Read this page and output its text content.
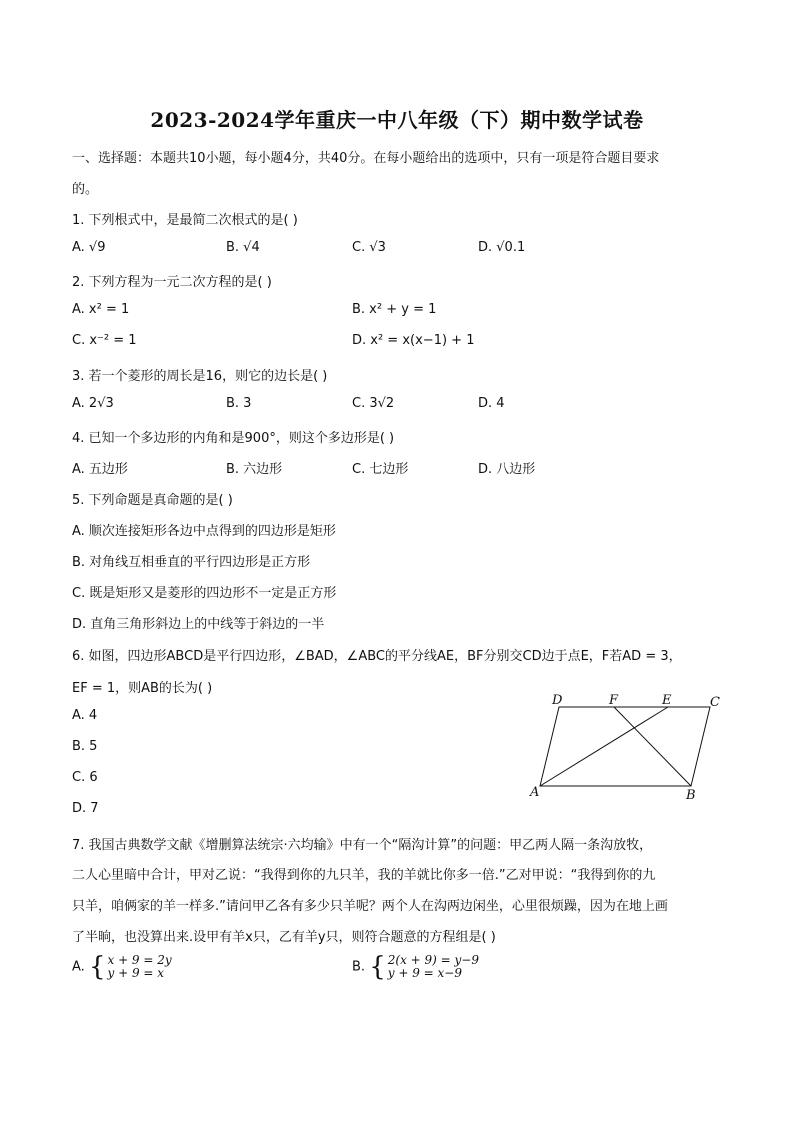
2023-2024学年重庆一中八年级（下）期中数学试卷
一、选择题：本题共10小题，每小题4分，共40分。在每小题给出的选项中，只有一项是符合题目要求
的。
1. 下列根式中，是最简二次根式的是( )
A. √9	B. √4	C. √3	D. √0.1
2. 下列方程为一元二次方程的是( )
A. x² = 1	B. x² + y = 1
C. x⁻² = 1	D. x² = x(x−1) + 1
3. 若一个菱形的周长是16，则它的边长是( )
A. 2√3	B. 3	C. 3√2	D. 4
4. 已知一个多边形的内角和是900°，则这个多边形是( )
A. 五边形	B. 六边形	C. 七边形	D. 八边形
5. 下列命题是真命题的是( )
A. 顺次连接矩形各边中点得到的四边形是矩形
B. 对角线互相垂直的平行四边形是正方形
C. 既是矩形又是菱形的四边形不一定是正方形
D. 直角三角形斜边上的中线等于斜边的一半
6. 如图，四边形ABCD是平行四边形，∠BAD，∠ABC的平分线AE，BF分别交CD边于点E，F若AD = 3，
EF = 1，则AB的长为( )
A. 4
B. 5
C. 6
D. 7
D	F	E	C
A	B
7. 我国古典数学文献《增删算法统宗·六均输》中有一个“隔沟计算”的问题：甲乙两人隔一条沟放牧，
二人心里暗中合计，甲对乙说：“我得到你的九只羊，我的羊就比你多一倍.”乙对甲说：“我得到你的九
只羊，咱俩家的羊一样多.”请问甲乙各有多少只羊呢？两个人在沟两边闲坐，心里很烦躁，因为在地上画
了半晌，也没算出来.设甲有羊x只，乙有羊y只，则符合题意的方程组是( )
A. { x + 9 = 2y
y + 9 = x	B. { 2(x + 9) = y−9
y + 9 = x−9
